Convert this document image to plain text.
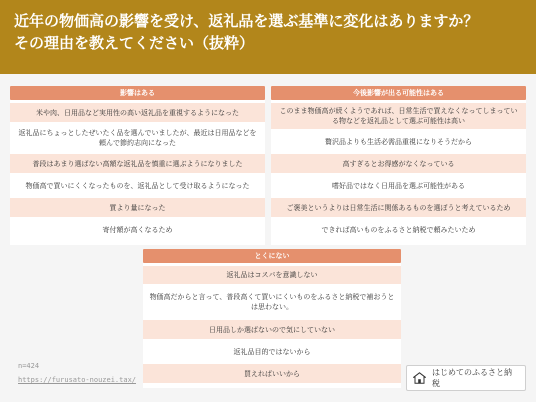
近年の物価高の影響を受け、返礼品を選ぶ基準に変化はありますか？
その理由を教えてください（抜粋）
影響はある
米や肉、日用品など実用性の高い返礼品を重視するようになった
返礼品にちょっとしたぜいたく品を選んでいましたが、最近は日用品などを頼んで節約志向になった
普段はあまり選ばない高額な返礼品を慎重に選ぶようになりました
物価高で買いにくくなったものを、返礼品として受け取るようになった
質より量になった
寄付額が高くなるため
今後影響が出る可能性はある
このまま物価高が続くようであれば、日常生活で買えなくなってしまっている物などを返礼品として選ぶ可能性は高い
贅沢品よりも生活必需品重視になりそうだから
高すぎるとお得感がなくなっている
嗜好品ではなく日用品を選ぶ可能性がある
ご褒美というよりは日常生活に関係あるものを選ぼうと考えているため
できれば高いものをふるさと納税で頼みたいため
とくにない
返礼品はコスパを意識しない
物価高だからと言って、普段高くて買いにくいものをふるさと納税で補おうとは思わない。
日用品しか選ばないので気にしていない
返礼品目的ではないから
買えればいいから
n=424
https://furusato-nouzei.tax/
はじめてのふるさと納税
